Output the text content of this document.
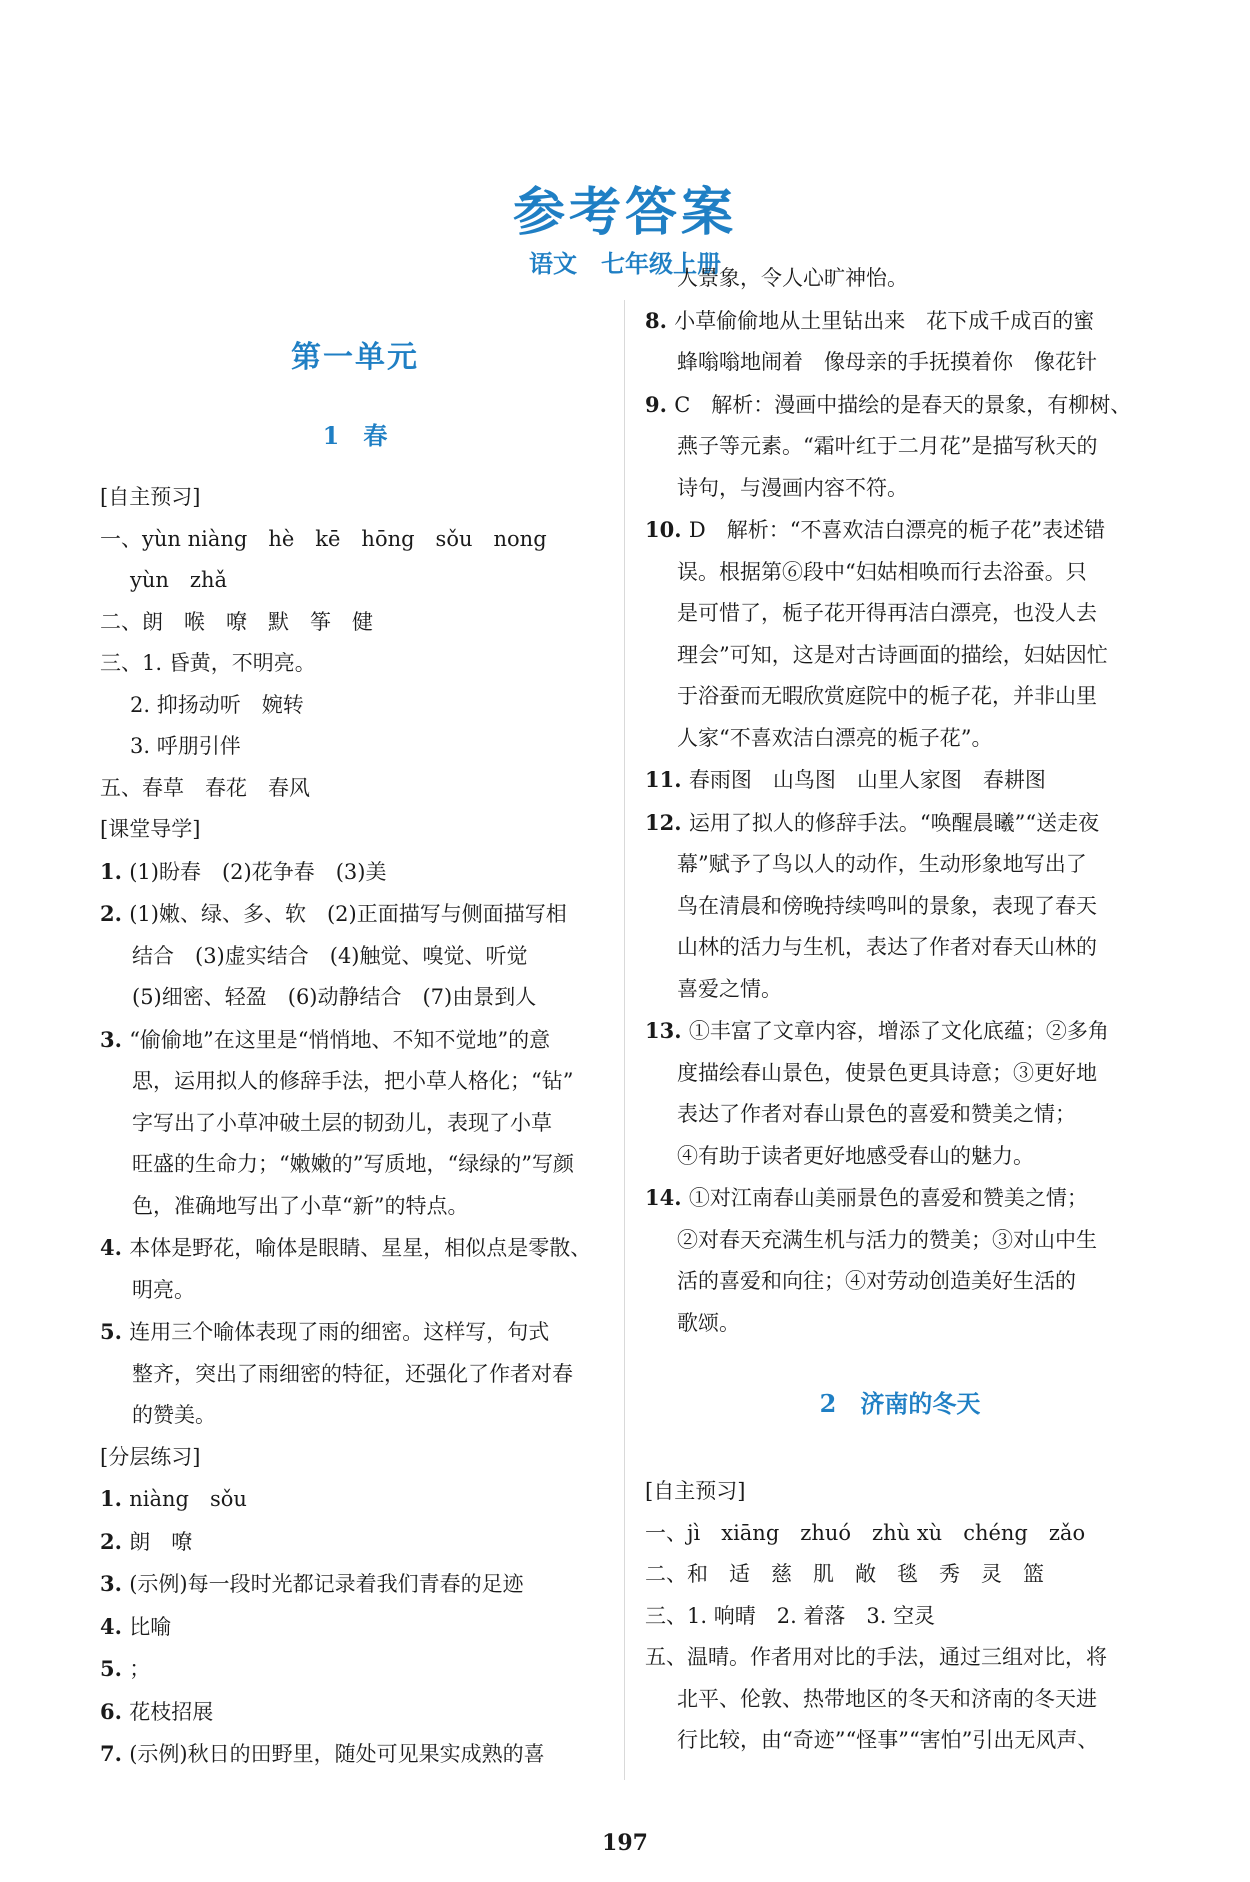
参考答案
语文　七年级上册
第一单元
1　春
[自主预习]
一、yùn niàng　hè　kē　hōng　sǒu　nong
yùn　zhǎ
二、朗　喉　嘹　默　筝　健
三、1. 昏黄，不明亮。
2. 抑扬动听　婉转
3. 呼朋引伴
五、春草　春花　春风
[课堂导学]
1. (1)盼春　(2)花争春　(3)美
2. (1)嫩、绿、多、软　(2)正面描写与侧面描写相
结合　(3)虚实结合　(4)触觉、嗅觉、听觉
(5)细密、轻盈　(6)动静结合　(7)由景到人
3. “偷偷地”在这里是“悄悄地、不知不觉地”的意
思，运用拟人的修辞手法，把小草人格化；“钻”
字写出了小草冲破土层的韧劲儿，表现了小草
旺盛的生命力；“嫩嫩的”写质地，“绿绿的”写颜
色，准确地写出了小草“新”的特点。
4. 本体是野花，喻体是眼睛、星星，相似点是零散、
明亮。
5. 连用三个喻体表现了雨的细密。这样写，句式
整齐，突出了雨细密的特征，还强化了作者对春
的赞美。
[分层练习]
1. niàng　sǒu
2. 朗　嘹
3. (示例)每一段时光都记录着我们青春的足迹
4. 比喻
5. ；
6. 花枝招展
7. (示例)秋日的田野里，随处可见果实成熟的喜
人景象，令人心旷神怡。
8. 小草偷偷地从土里钻出来　花下成千成百的蜜
蜂嗡嗡地闹着　像母亲的手抚摸着你　像花针
9. C　解析：漫画中描绘的是春天的景象，有柳树、
燕子等元素。“霜叶红于二月花”是描写秋天的
诗句，与漫画内容不符。
10. D　解析：“不喜欢洁白漂亮的栀子花”表述错
误。根据第⑥段中“妇姑相唤而行去浴蚕。只
是可惜了，栀子花开得再洁白漂亮，也没人去
理会”可知，这是对古诗画面的描绘，妇姑因忙
于浴蚕而无暇欣赏庭院中的栀子花，并非山里
人家“不喜欢洁白漂亮的栀子花”。
11. 春雨图　山鸟图　山里人家图　春耕图
12. 运用了拟人的修辞手法。“唤醒晨曦”“送走夜
幕”赋予了鸟以人的动作，生动形象地写出了
鸟在清晨和傍晚持续鸣叫的景象，表现了春天
山林的活力与生机，表达了作者对春天山林的
喜爱之情。
13. ①丰富了文章内容，增添了文化底蕴；②多角
度描绘春山景色，使景色更具诗意；③更好地
表达了作者对春山景色的喜爱和赞美之情；
④有助于读者更好地感受春山的魅力。
14. ①对江南春山美丽景色的喜爱和赞美之情；
②对春天充满生机与活力的赞美；③对山中生
活的喜爱和向往；④对劳动创造美好生活的
歌颂。
2　济南的冬天
[自主预习]
一、jì　xiāng　zhuó　zhù xù　chéng　zǎo
二、和　适　慈　肌　敞　毯　秀　灵　篮
三、1. 响晴　2. 着落　3. 空灵
五、温晴。作者用对比的手法，通过三组对比，将
北平、伦敦、热带地区的冬天和济南的冬天进
行比较，由“奇迹”“怪事”“害怕”引出无风声、
197
